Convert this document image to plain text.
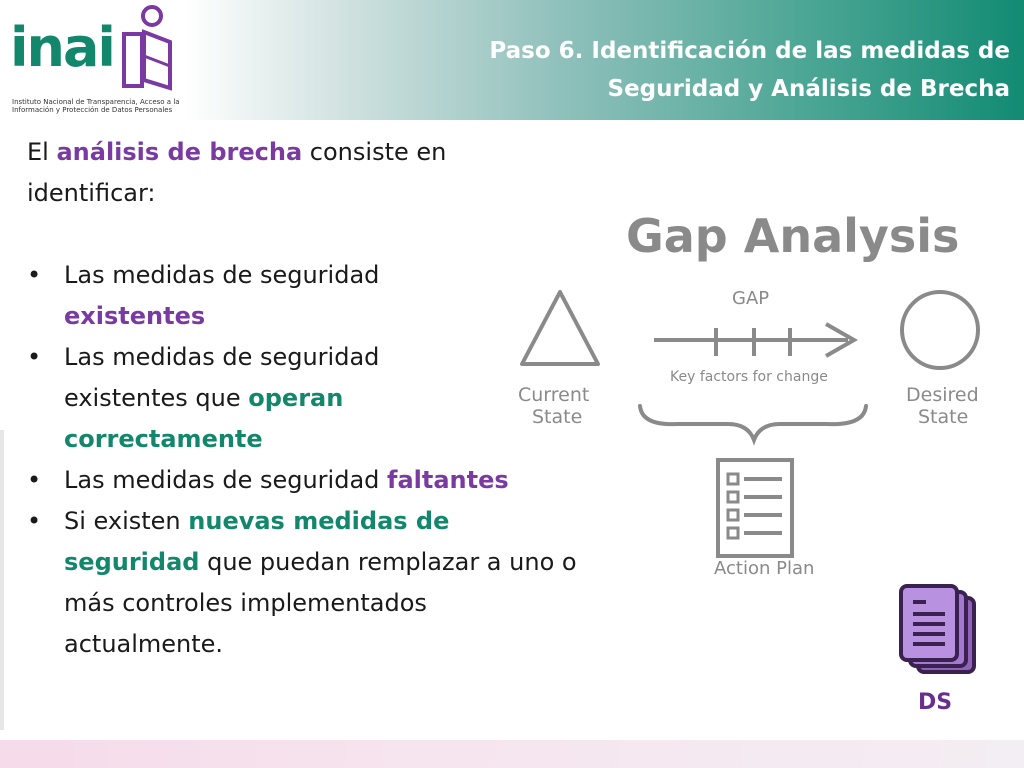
inai
Instituto Nacional de Transparencia, Acceso a la Información y Protección de Datos Personales
Paso 6. Identificación de las medidas de Seguridad y Análisis de Brecha

El análisis de brecha consiste en identificar:

• Las medidas de seguridad existentes
• Las medidas de seguridad existentes que operan correctamente
• Las medidas de seguridad faltantes
• Si existen nuevas medidas de seguridad que puedan remplazar a uno o más controles implementados actualmente.
Gap Analysis
GAP
Key factors for change
Current
State
Desired
State
Action Plan
DS
